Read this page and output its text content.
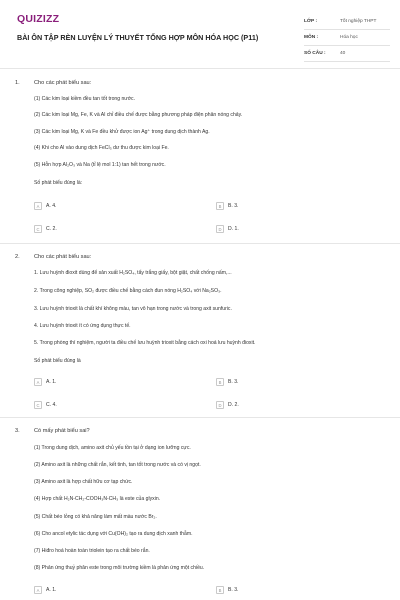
QUIZIZZ
BÀI ÔN TẬP RÈN LUYỆN LÝ THUYẾT TỔNG HỢP MÔN HÓA HỌC (P11)
LỚP :	Tốt nghiệp THPT
MÔN :	Hóa học
SỐ CÂU :	40
1.	Cho các phát biểu sau:
(1) Các kim loại kiềm đều tan tốt trong nước.
(2) Các kim loại Mg, Fe, K và Al chỉ điều chế được bằng phương pháp điện phân nóng chảy.
(3) Các kim loại Mg, K và Fe đều khử được ion Ag⁺ trong dung dịch thành Ag.
(4) Khi cho Al vào dung dịch FeCl₃ dư thu được kim loại Fe.
(5) Hỗn hợp Al₂O₃ và Na (tỉ lệ mol 1:1) tan hết trong nước.
Số phát biểu đúng là:
A	A. 4.	B	B. 3.
C	C. 2.	D	D. 1.
2.	Cho các phát biểu sau:
1. Lưu huỳnh đioxit dùng để sản xuất H₂SO₄, tẩy trắng giấy, bột giặt, chất chống nấm,...
2. Trong công nghiệp, SO₂ được điều chế bằng cách đun nóng H₂SO₄ với Na₂SO₃.
3. Lưu huỳnh trioxit là chất khí không màu, tan vô hạn trong nước và trong axit sunfuric.
4. Lưu huỳnh trioxit ít có ứng dụng thực tế.
5. Trong phòng thí nghiệm, người ta điều chế lưu huỳnh trioxit bằng cách oxi hoá lưu huỳnh đioxit.
Số phát biểu đúng là
A	A. 1.	B	B. 3.
C	C. 4.	D	D. 2.
3.	Có mấy phát biểu sai?
(1) Trong dung dịch, amino axit chủ yếu tồn tại ở dạng ion lưỡng cực.
(2) Amino axit là những chất rắn, kết tinh, tan tốt trong nước và có vị ngọt.
(3) Amino axit là hợp chất hữu cơ tạp chức.
(4) Hợp chất H₂N-CH₂-COOH₃N-CH₃ là este của glyxin.
(5) Chất béo lỏng có khả năng làm mất màu nước Br₂.
(6) Cho ancol etylic tác dụng với Cu(OH)₂ tạo ra dung dịch xanh thẫm.
(7) Hiđro hoá hoàn toàn triolein tạo ra chất béo rắn.
(8) Phản ứng thuỷ phân este trong môi trường kiềm là phản ứng một chiều.
A	A. 1.	B	B. 3.
